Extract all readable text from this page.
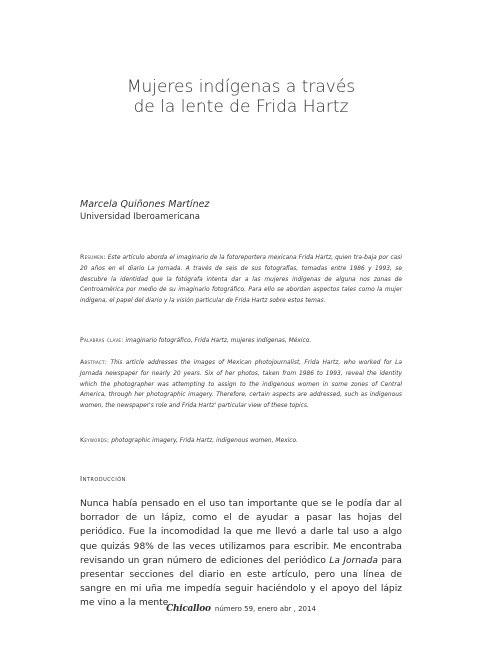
Mujeres indígenas a través
de la lente de Frida Hartz
Marcela Quiñones Martínez
Universidad Iberoamericana
Resumen: Este artículo aborda el imaginario de la fotoreportera mexicana Frida Hartz, quien tra-baja por casi 20 años en el diario La Jornada. A través de seis de sus fotografías, tomadas entre 1986 y 1993, se descubre la identidad que la fotógrafa intenta dar a las mujeres indígenas de alguna nos zonas de Centroamérica por medio de su imaginario fotográfico. Para ello se abordan aspectos tales como la mujer indígena, el papel del diario y la visión particular de Frida Hartz sobre estos temas.
Palabras clave: imaginario fotográfico, Frida Hartz, mujeres indígenas, México.
Abstract: This article addresses the images of Mexican photojournalist, Frida Hartz, who worked for La Jornada newspaper for nearly 20 years. Six of her photos, taken from 1986 to 1993, reveal the identity which the photographer was attempting to assign to the indigenous women in some zones of Central America, through her photographic imagery. Therefore, certain aspects are addressed, such as indigenous women, the newspaper's role and Frida Hartz' particular view of these topics.
Keywords: photographic imagery, Frida Hartz, indigenous women, Mexico.
Introducción
Nunca había pensado en el uso tan importante que se le podía dar al borrador de un lápiz, como el de ayudar a pasar las hojas del periódico. Fue la incomodidad la que me llevó a darle tal uso a algo que quizás 98% de las veces utilizamos para escribir. Me encontraba revisando un gran número de ediciones del periódico La Jornada para presentar secciones del diario en este artículo, pero una línea de sangre en mi uña me impedía seguir haciéndolo y el apoyo del lápiz me vino a la mente.
Chicalloo número 59, enero abr , 2014
